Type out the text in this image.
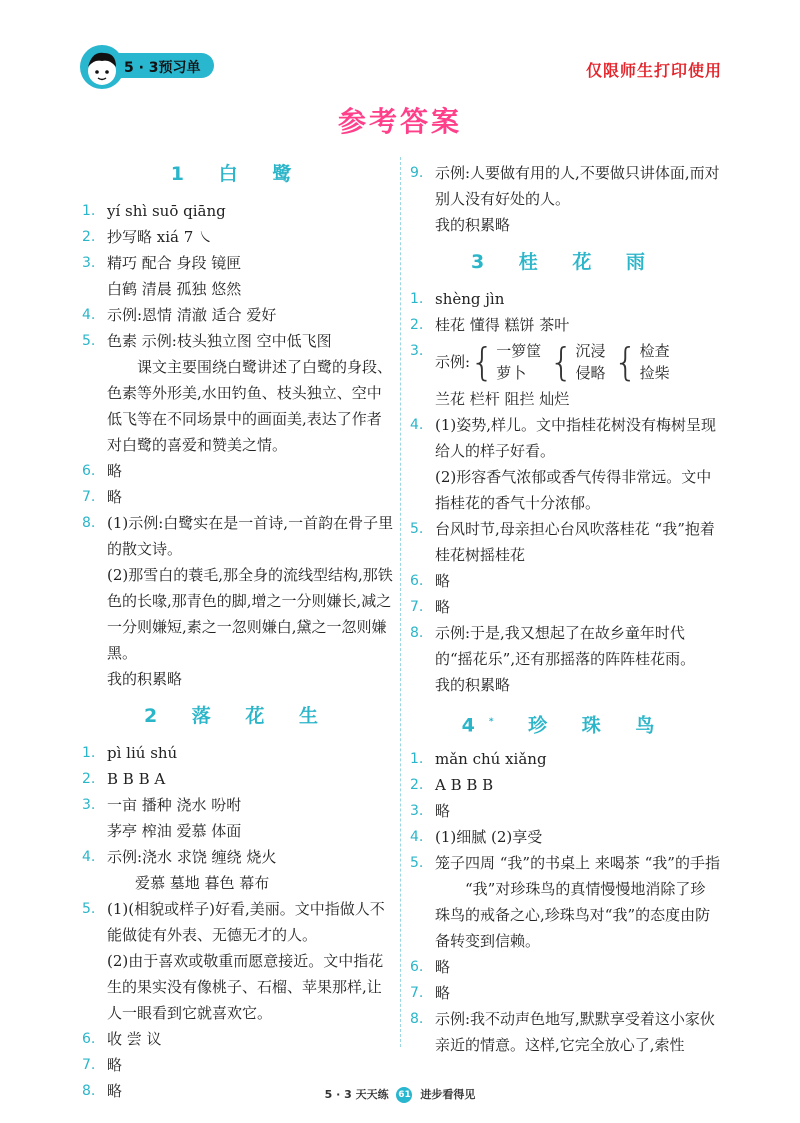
5 · 3预习单	仅限师生打印使用
参考答案
1 白 鹭
1. yí shì suō qiāng
2. 抄写略 xiá 7 ㇏
3. 精巧 配合 身段 镜匣
白鹤 清晨 孤独 悠然
4. 示例:恩情 清澈 适合 爱好
5. 色素 示例:枝头独立图 空中低飞图
课文主要围绕白鹭讲述了白鹭的身段、色素等外形美,水田钓鱼、枝头独立、空中低飞等在不同场景中的画面美,表达了作者对白鹭的喜爱和赞美之情。
6. 略
7. 略
8. (1)示例:白鹭实在是一首诗,一首韵在骨子里的散文诗。
(2)那雪白的蓑毛,那全身的流线型结构,那铁色的长喙,那青色的脚,增之一分则嫌长,减之一分则嫌短,素之一忽则嫌白,黛之一忽则嫌黑。
我的积累略
2 落 花 生
1. pì liú shú
2. B B B A
3. 一亩 播种 浇水 吩咐
茅亭 榨油 爱慕 体面
4. 示例:浇水 求饶 缠绕 烧火
爱慕 墓地 暮色 幕布
5. (1)(相貌或样子)好看,美丽。文中指做人不能做徒有外表、无德无才的人。
(2)由于喜欢或敬重而愿意接近。文中指花生的果实没有像桃子、石榴、苹果那样,让人一眼看到它就喜欢它。
6. 收 尝 议
7. 略
8. 略
9. 示例:人要做有用的人,不要做只讲体面,而对别人没有好处的人。
我的积累略
3 桂 花 雨
1. shèng jìn
2. 桂花 懂得 糕饼 茶叶
3.
示例: { 一箩筐
萝卜 { 沉浸
侵略 { 检查
捡柴
兰花 栏杆 阻拦 灿烂
4. (1)姿势,样儿。文中指桂花树没有梅树呈现给人的样子好看。
(2)形容香气浓郁或香气传得非常远。文中指桂花的香气十分浓郁。
5. 台风时节,母亲担心台风吹落桂花 “我”抱着桂花树摇桂花
6. 略
7. 略
8. 示例:于是,我又想起了在故乡童年时代的“摇花乐”,还有那摇落的阵阵桂花雨。
我的积累略
4* 珍 珠 鸟
1. mǎn chú xiǎng
2. A B B B
3. 略
4. (1)细腻 (2)享受
5. 笼子四周 “我”的书桌上 来喝茶 “我”的手指
“我”对珍珠鸟的真情慢慢地消除了珍珠鸟的戒备之心,珍珠鸟对“我”的态度由防备转变到信赖。
6. 略
7. 略
8. 示例:我不动声色地写,默默享受着这小家伙亲近的情意。这样,它完全放心了,索性
5 · 3 天天练 61 进步看得见
